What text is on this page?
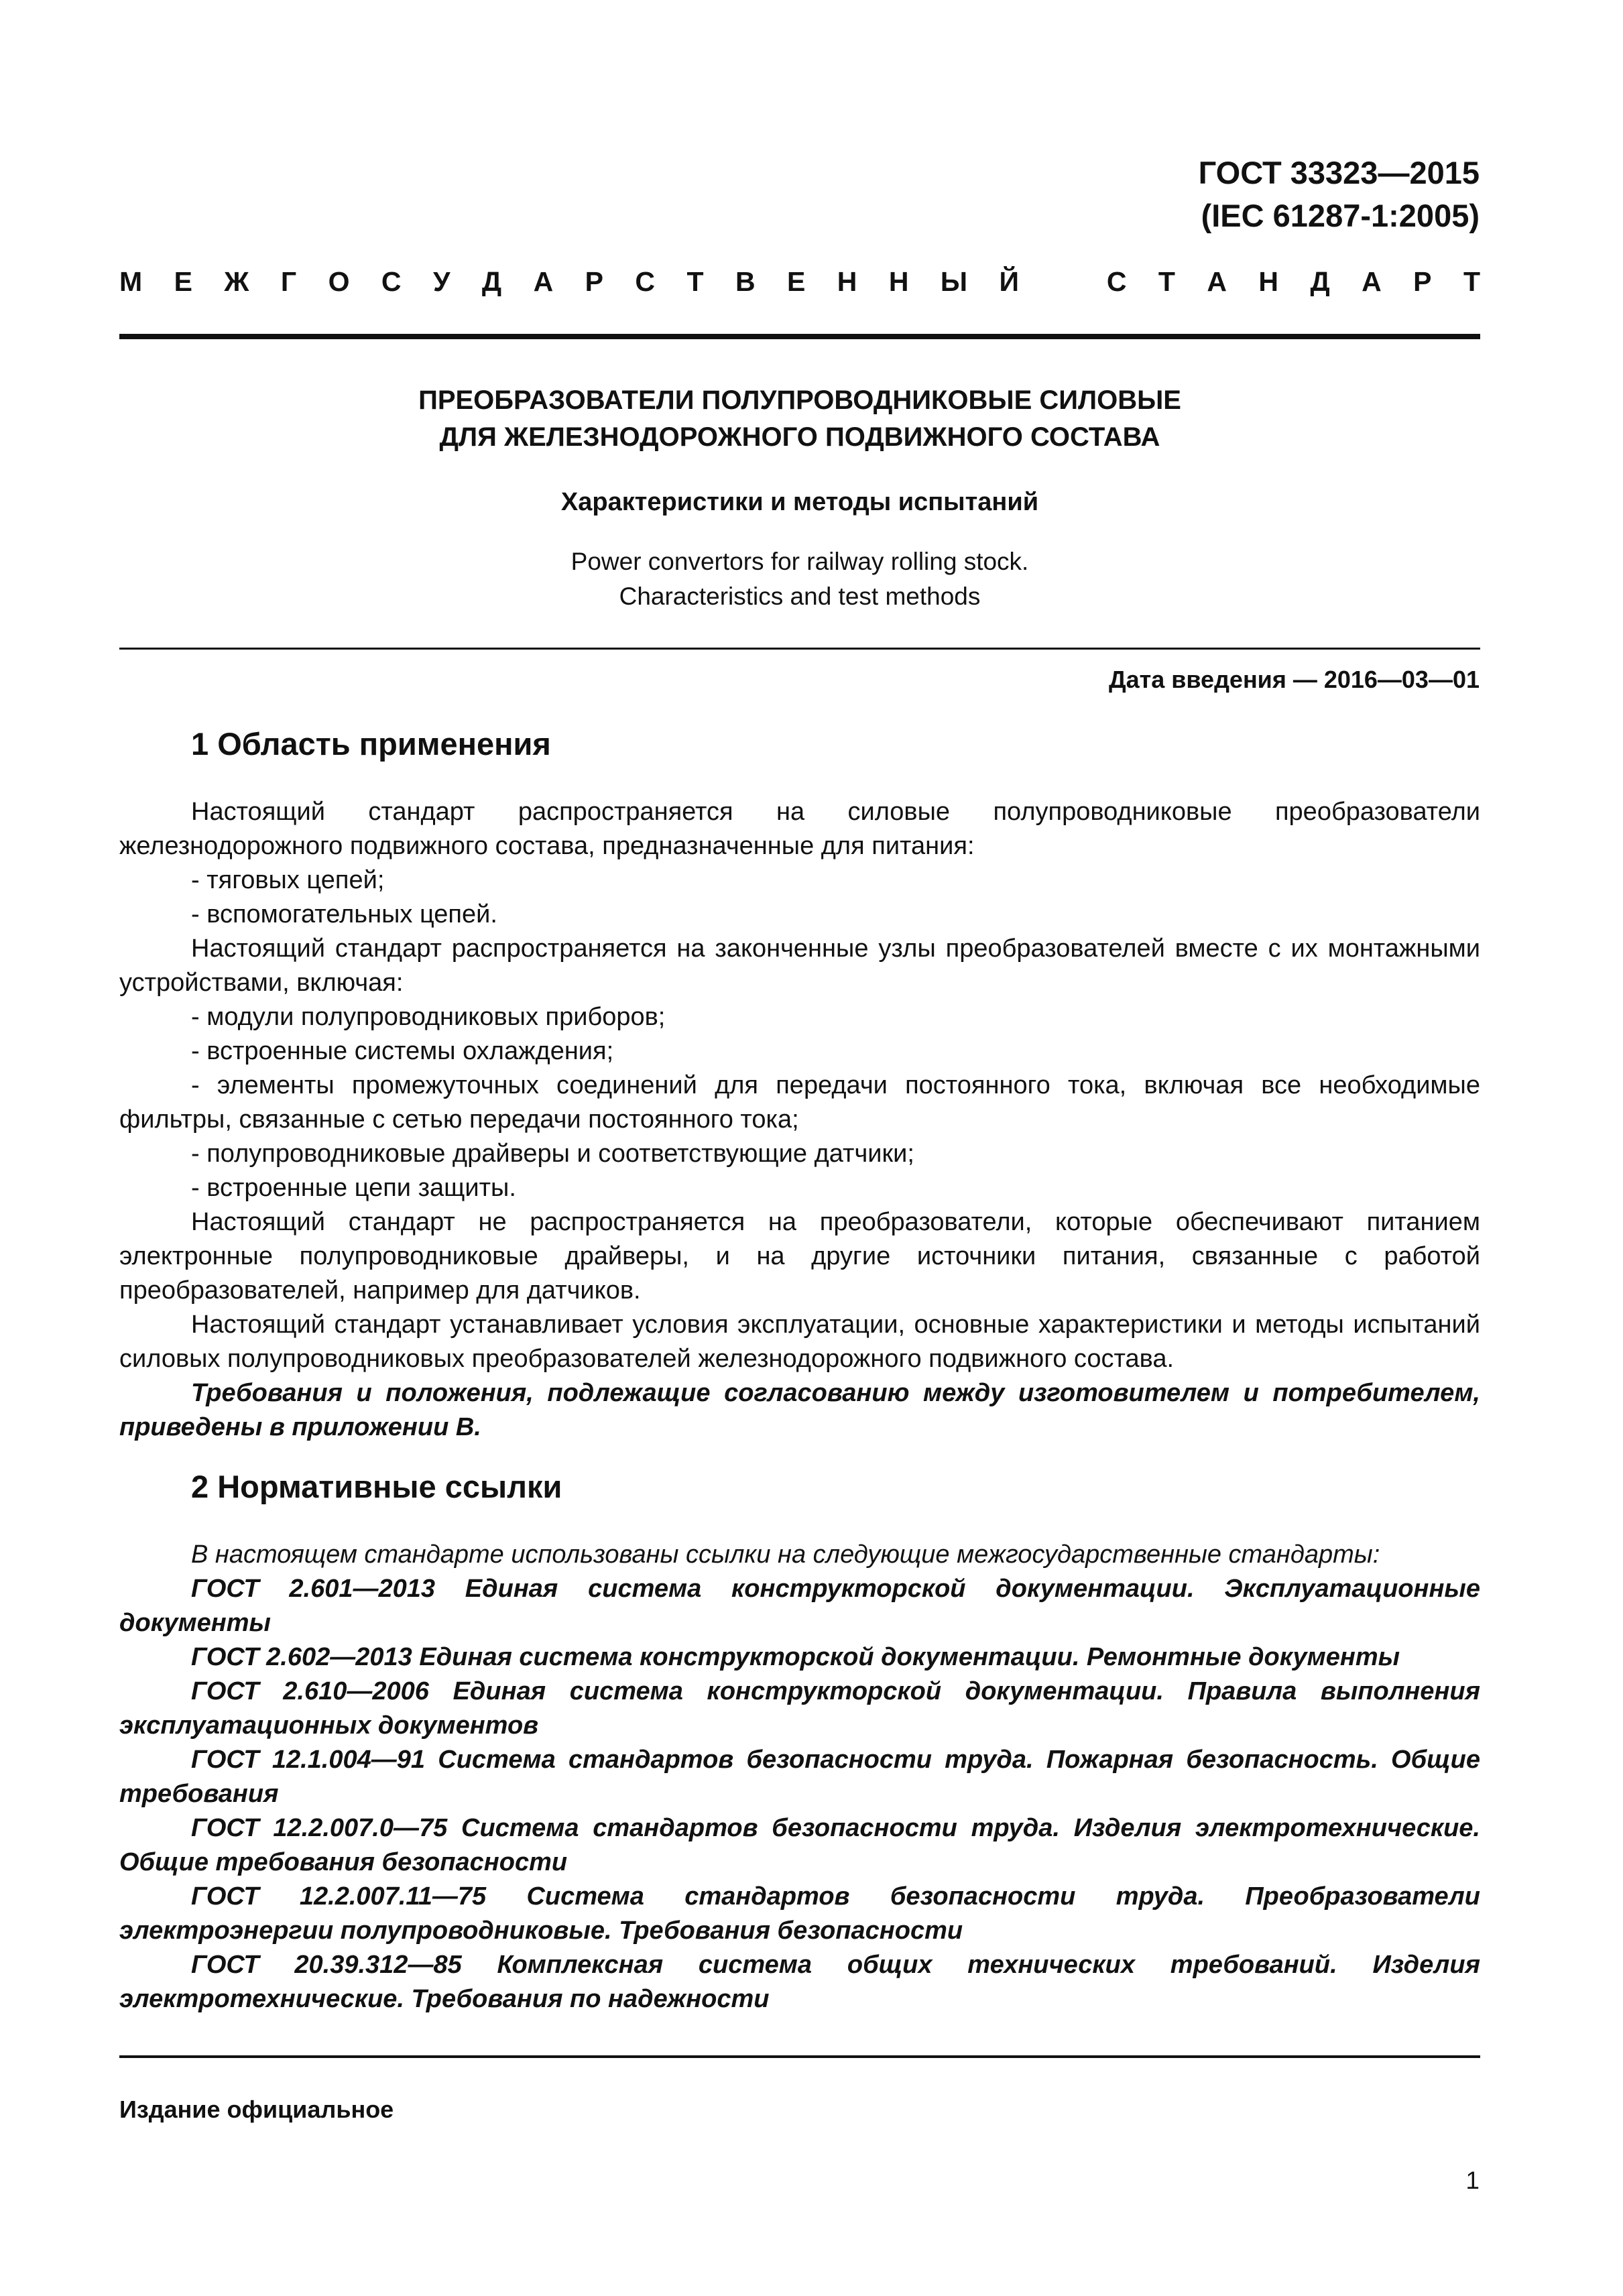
ГОСТ 33323—2015
(IEC 61287-1:2005)
М Е Ж Г О С У Д А Р С Т В Е Н Н Ы Й	С Т А Н Д А Р Т
ПРЕОБРАЗОВАТЕЛИ ПОЛУПРОВОДНИКОВЫЕ СИЛОВЫЕ
ДЛЯ ЖЕЛЕЗНОДОРОЖНОГО ПОДВИЖНОГО СОСТАВА
Характеристики и методы испытаний
Power convertors for railway rolling stock.
Characteristics and test methods
Дата введения — 2016—03—01
1 Область применения

Настоящий стандарт распространяется на силовые полупроводниковые преобразователи железнодорожного подвижного состава, предназначенные для питания:

- тяговых цепей;

- вспомогательных цепей.

Настоящий стандарт распространяется на законченные узлы преобразователей вместе с их монтажными устройствами, включая:

- модули полупроводниковых приборов;

- встроенные системы охлаждения;

- элементы промежуточных соединений для передачи постоянного тока, включая все необходимые фильтры, связанные с сетью передачи постоянного тока;

- полупроводниковые драйверы и соответствующие датчики;

- встроенные цепи защиты.

Настоящий стандарт не распространяется на преобразователи, которые обеспечивают питанием электронные полупроводниковые драйверы, и на другие источники питания, связанные с работой преобразователей, например для датчиков.

Настоящий стандарт устанавливает условия эксплуатации, основные характеристики и методы испытаний силовых полупроводниковых преобразователей железнодорожного подвижного состава.

Требования и положения, подлежащие согласованию между изготовителем и потребителем, приведены в приложении В.

2 Нормативные ссылки

В настоящем стандарте использованы ссылки на следующие межгосударственные стандарты:

ГОСТ 2.601—2013 Единая система конструкторской документации. Эксплуатационные документы

ГОСТ 2.602—2013 Единая система конструкторской документации. Ремонтные документы

ГОСТ 2.610—2006 Единая система конструкторской документации. Правила выполнения эксплуатационных документов

ГОСТ 12.1.004—91 Система стандартов безопасности труда. Пожарная безопасность. Общие требования

ГОСТ 12.2.007.0—75 Система стандартов безопасности труда. Изделия электротехнические. Общие требования безопасности

ГОСТ 12.2.007.11—75 Система стандартов безопасности труда. Преобразователи электроэнергии полупроводниковые. Требования безопасности

ГОСТ 20.39.312—85 Комплексная система общих технических требований. Изделия электротехнические. Требования по надежности

Издание официальное
1
